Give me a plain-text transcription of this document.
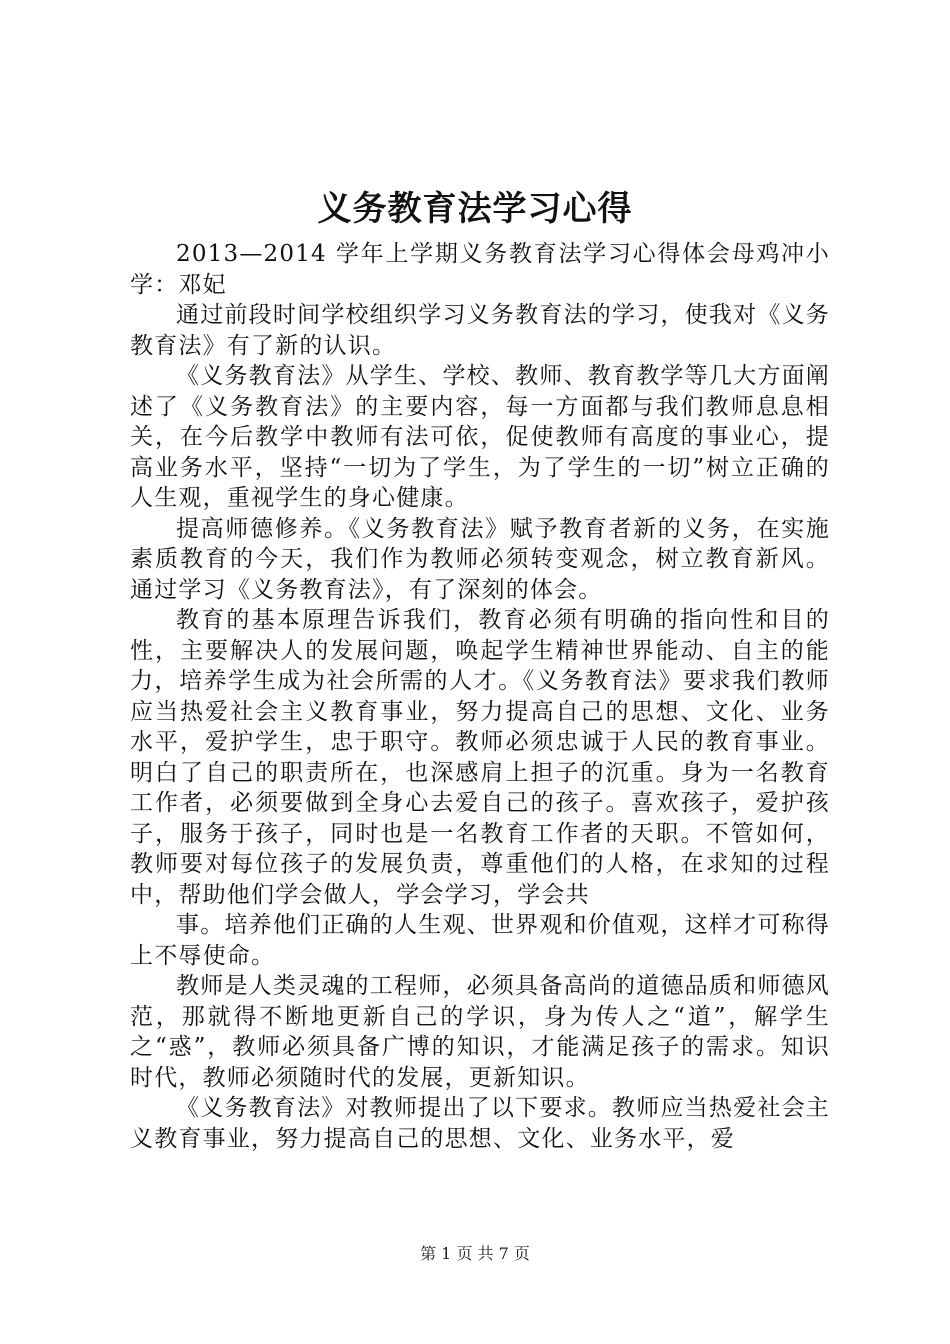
义务教育法学习心得

2013—2014 学年上学期义务教育法学习心得体会母鸡冲小学：邓妃

通过前段时间学校组织学习义务教育法的学习，使我对《义务教育法》有了新的认识。

《义务教育法》从学生、学校、教师、教育教学等几大方面阐述了《义务教育法》的主要内容，每一方面都与我们教师息息相关，在今后教学中教师有法可依，促使教师有高度的事业心，提高业务水平，坚持“一切为了学生，为了学生的一切”树立正确的人生观，重视学生的身心健康。

提高师德修养。《义务教育法》赋予教育者新的义务，在实施素质教育的今天，我们作为教师必须转变观念，树立教育新风。通过学习《义务教育法》，有了深刻的体会。

教育的基本原理告诉我们，教育必须有明确的指向性和目的性，主要解决人的发展问题，唤起学生精神世界能动、自主的能力，培养学生成为社会所需的人才。《义务教育法》要求我们教师应当热爱社会主义教育事业，努力提高自己的思想、文化、业务水平，爱护学生，忠于职守。教师必须忠诚于人民的教育事业。明白了自己的职责所在，也深感肩上担子的沉重。身为一名教育工作者，必须要做到全身心去爱自己的孩子。喜欢孩子，爱护孩子，服务于孩子，同时也是一名教育工作者的天职。不管如何，教师要对每位孩子的发展负责，尊重他们的人格，在求知的过程中，帮助他们学会做人，学会学习，学会共

事。培养他们正确的人生观、世界观和价值观，这样才可称得上不辱使命。

教师是人类灵魂的工程师，必须具备高尚的道德品质和师德风范，那就得不断地更新自己的学识，身为传人之“道”，解学生之“惑”，教师必须具备广博的知识，才能满足孩子的需求。知识时代，教师必须随时代的发展，更新知识。

《义务教育法》对教师提出了以下要求。教师应当热爱社会主义教育事业，努力提高自己的思想、文化、业务水平，爱

第 1 页 共 7 页
